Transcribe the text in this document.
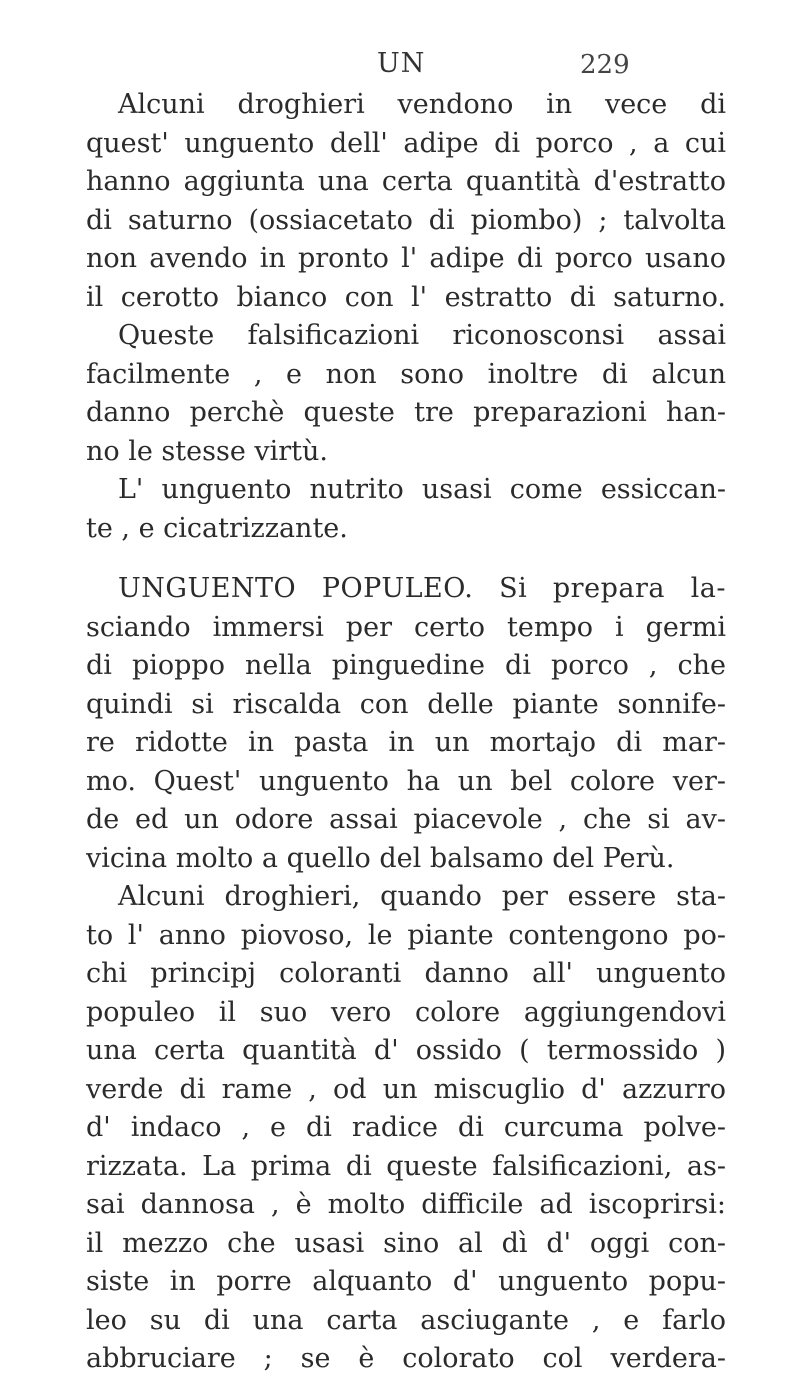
UN	229
Alcuni droghieri vendono in vece di
quest' unguento dell' adipe di porco , a cui
hanno aggiunta una certa quantità d'estratto
di saturno (ossiacetato di piombo) ; talvolta
non avendo in pronto l' adipe di porco usano
il cerotto bianco con l' estratto di saturno.
Queste falsificazioni riconosconsi assai
facilmente , e non sono inoltre di alcun
danno perchè queste tre preparazioni han-
no le stesse virtù.
L' unguento nutrito usasi come essiccan-
te , e cicatrizzante.
UNGUENTO POPULEO. Si prepara la-
sciando immersi per certo tempo i germi
di pioppo nella pinguedine di porco , che
quindi si riscalda con delle piante sonnife-
re ridotte in pasta in un mortajo di mar-
mo. Quest' unguento ha un bel colore ver-
de ed un odore assai piacevole , che si av-
vicina molto a quello del balsamo del Perù.
Alcuni droghieri, quando per essere sta-
to l' anno piovoso, le piante contengono po-
chi principj coloranti danno all' unguento
populeo il suo vero colore aggiungendovi
una certa quantità d' ossido ( termossido )
verde di rame , od un miscuglio d' azzurro
d' indaco , e di radice di curcuma polve-
rizzata. La prima di queste falsificazioni, as-
sai dannosa , è molto difficile ad iscoprirsi:
il mezzo che usasi sino al dì d' oggi con-
siste in porre alquanto d' unguento popu-
leo su di una carta asciugante , e farlo
abbruciare ; se è colorato col verdera-
